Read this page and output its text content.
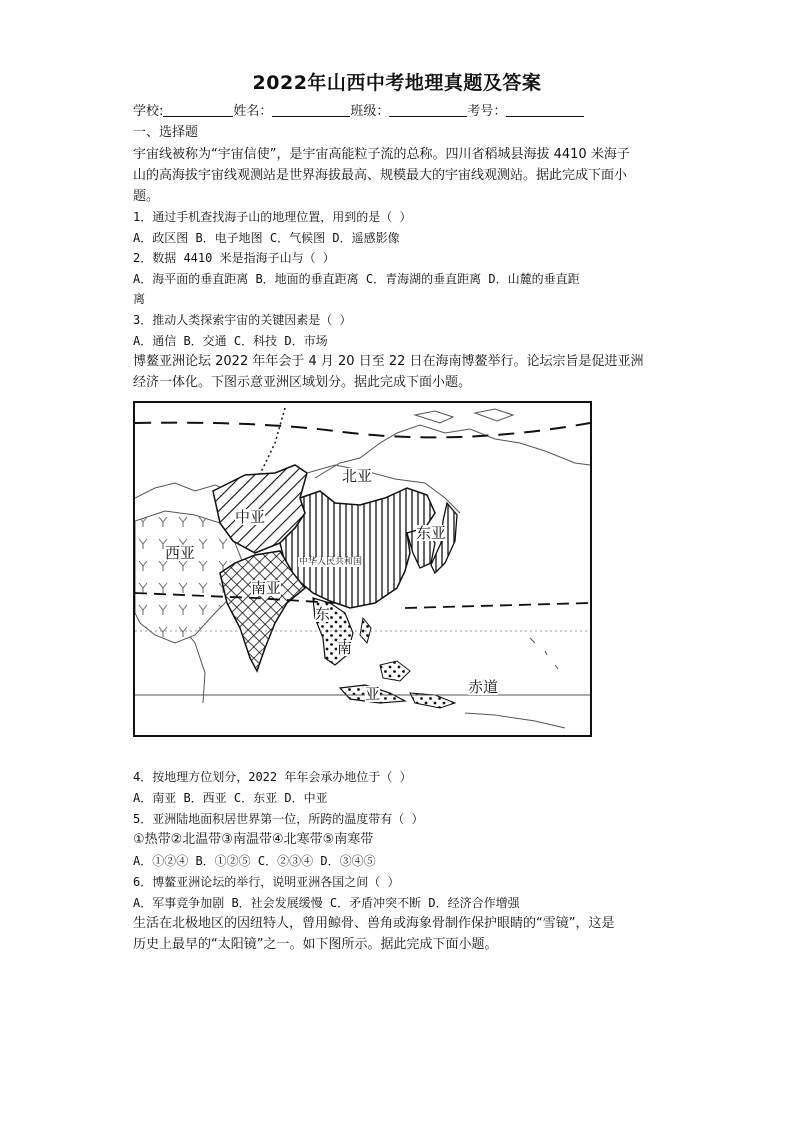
2022年山西中考地理真题及答案
学校:	姓名：	班级：	考号：
一、选择题
宇宙线被称为“宇宙信使”，是宇宙高能粒子流的总称。四川省稻城县海拔 4410 米海子
山的高海拔宇宙线观测站是世界海拔最高、规模最大的宇宙线观测站。据此完成下面小
题。
1．通过手机查找海子山的地理位置，用到的是（ ）
A．政区图 B．电子地图 C．气候图 D．遥感影像
2．数据 4410 米是指海子山与（ ）
A．海平面的垂直距离 B．地面的垂直距离 C．青海湖的垂直距离 D．山麓的垂直距
离
3．推动人类探索宇宙的关键因素是（ ）
A．通信 B．交通 C．科技 D．市场
博鳌亚洲论坛 2022 年年会于 4 月 20 日至 22 日在海南博鳌举行。论坛宗旨是促进亚洲
经济一体化。下图示意亚洲区域划分。据此完成下面小题。
北亚
中亚
东亚
西亚
南亚
中华人民共和国
东
南
亚	赤道
4．按地理方位划分，2022 年年会承办地位于（ ）
A．南亚 B．西亚 C．东亚 D．中亚
5．亚洲陆地面积居世界第一位，所跨的温度带有（ ）
①热带②北温带③南温带④北寒带⑤南寒带
A．①②④ B．①②⑤ C．②③④ D．③④⑤
6．博鳌亚洲论坛的举行，说明亚洲各国之间（ ）
A．军事竞争加剧 B．社会发展缓慢 C．矛盾冲突不断 D．经济合作增强
生活在北极地区的因纽特人，曾用鲸骨、兽角或海象骨制作保护眼睛的“雪镜”，这是
历史上最早的“太阳镜”之一。如下图所示。据此完成下面小题。
